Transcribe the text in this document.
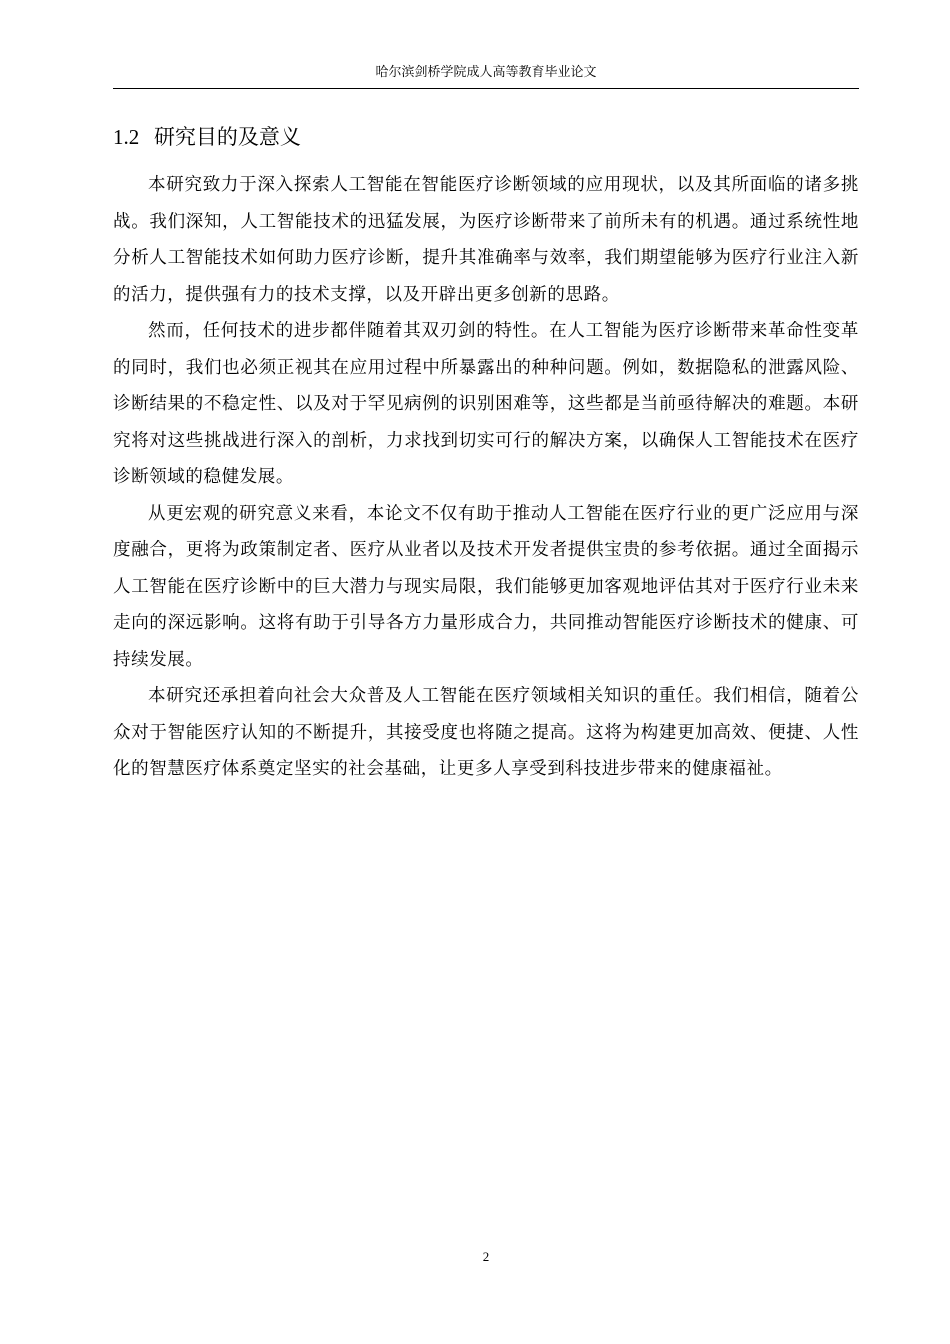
哈尔滨剑桥学院成人高等教育毕业论文
1.2 研究目的及意义

本研究致力于深入探索人工智能在智能医疗诊断领域的应用现状，以及其所面临的诸多挑战。我们深知，人工智能技术的迅猛发展，为医疗诊断带来了前所未有的机遇。通过系统性地分析人工智能技术如何助力医疗诊断，提升其准确率与效率，我们期望能够为医疗行业注入新的活力，提供强有力的技术支撑，以及开辟出更多创新的思路。

然而，任何技术的进步都伴随着其双刃剑的特性。在人工智能为医疗诊断带来革命性变革的同时，我们也必须正视其在应用过程中所暴露出的种种问题。例如，数据隐私的泄露风险、诊断结果的不稳定性、以及对于罕见病例的识别困难等，这些都是当前亟待解决的难题。本研究将对这些挑战进行深入的剖析，力求找到切实可行的解决方案，以确保人工智能技术在医疗诊断领域的稳健发展。

从更宏观的研究意义来看，本论文不仅有助于推动人工智能在医疗行业的更广泛应用与深度融合，更将为政策制定者、医疗从业者以及技术开发者提供宝贵的参考依据。通过全面揭示人工智能在医疗诊断中的巨大潜力与现实局限，我们能够更加客观地评估其对于医疗行业未来走向的深远影响。这将有助于引导各方力量形成合力，共同推动智能医疗诊断技术的健康、可持续发展。

本研究还承担着向社会大众普及人工智能在医疗领域相关知识的重任。我们相信，随着公众对于智能医疗认知的不断提升，其接受度也将随之提高。这将为构建更加高效、便捷、人性化的智慧医疗体系奠定坚实的社会基础，让更多人享受到科技进步带来的健康福祉。

2
